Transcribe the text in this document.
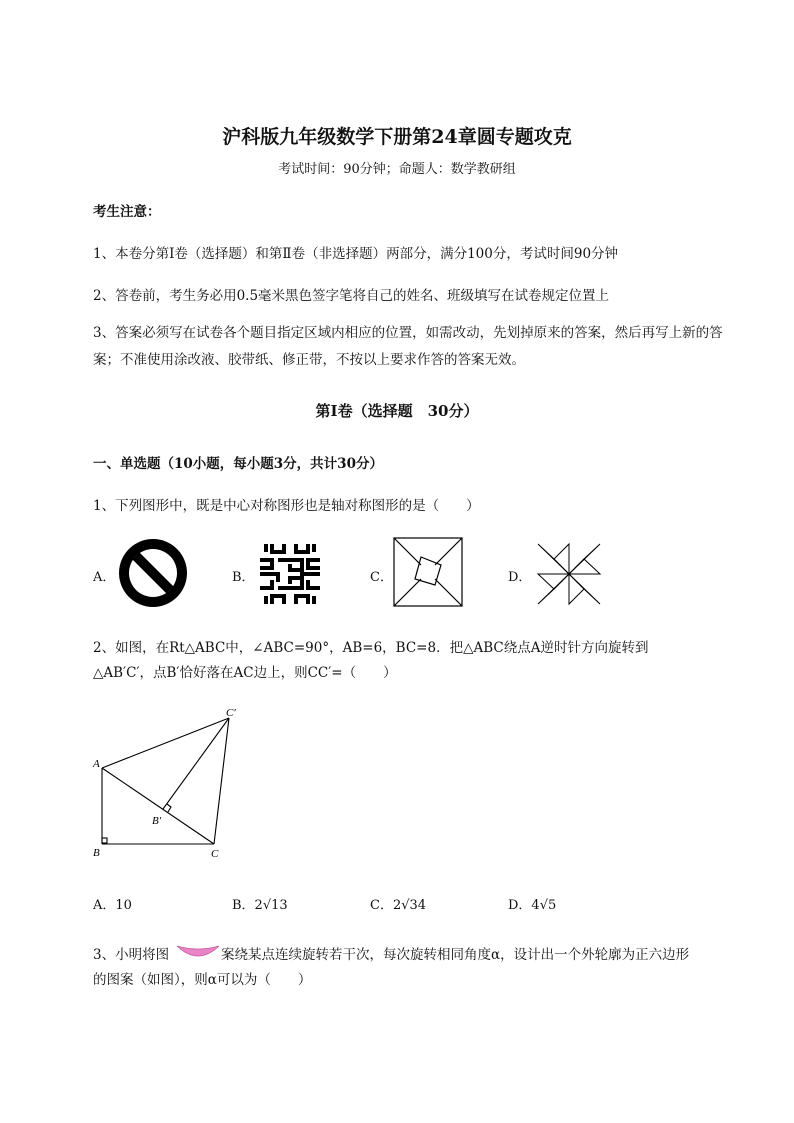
沪科版九年级数学下册第24章圆专题攻克
考试时间：90分钟；命题人：数学教研组
考生注意：
1、本卷分第I卷（选择题）和第Ⅱ卷（非选择题）两部分，满分100分，考试时间90分钟
2、答卷前，考生务必用0.5毫米黑色签字笔将自己的姓名、班级填写在试卷规定位置上
3、答案必须写在试卷各个题目指定区域内相应的位置，如需改动，先划掉原来的答案，然后再写上新的答案；不准使用涂改液、胶带纸、修正带，不按以上要求作答的答案无效。
第I卷（选择题　30分）
一、单选题（10小题，每小题3分，共计30分）
1、下列图形中，既是中心对称图形也是轴对称图形的是（　　）
A．	B．	C．	D．
2、如图，在Rt△ABC中，∠ABC=90°，AB=6，BC=8．把△ABC绕点A逆时针方向旋转到
△AB′C′，点B′恰好落在AC边上，则CC′=（　　）
A
B	C
B′
C′
A．10	B．2√13	C．2√34	D．4√5
3、小明将图	案绕某点连续旋转若干次，每次旋转相同角度α，设计出一个外轮廓为正六边形
的图案（如图），则α可以为（　　）
